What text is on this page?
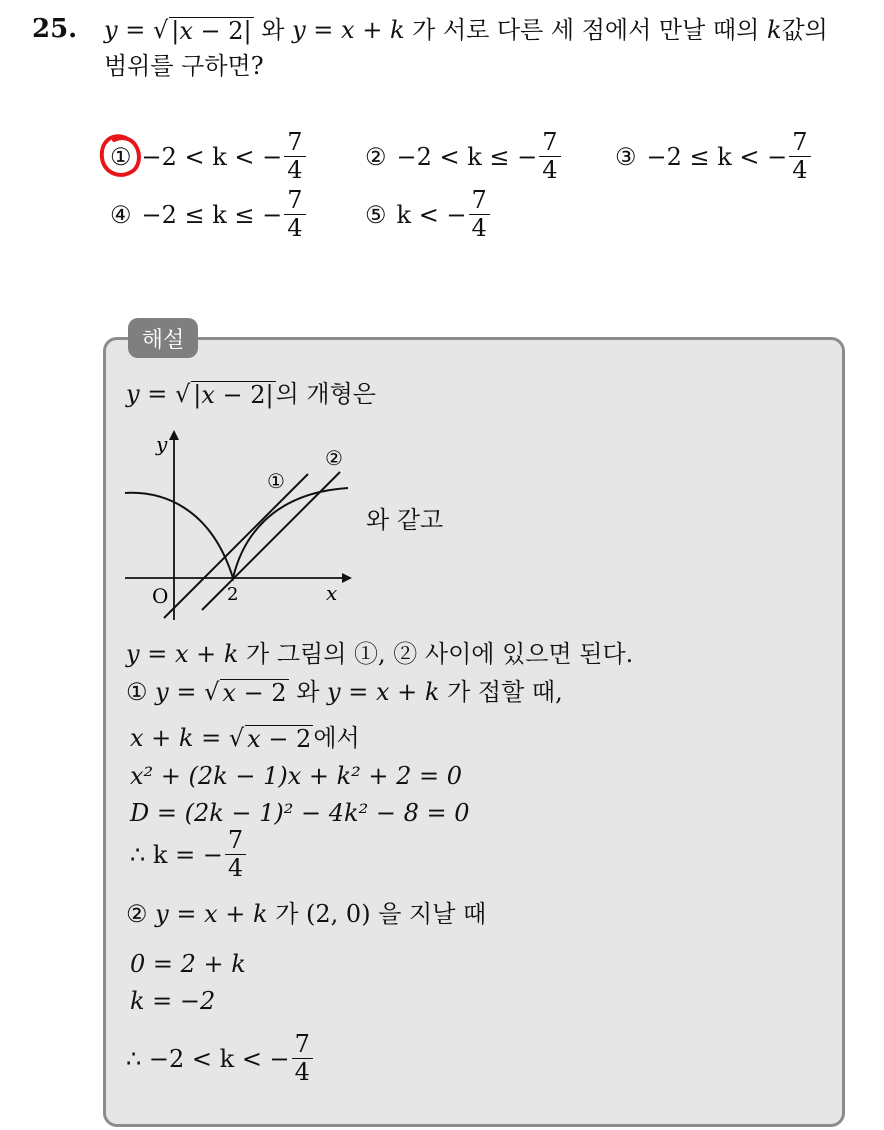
25. y = √ |x − 2| 와 y = x + k 가 서로 다른 세 점에서 만날 때의 k값의
범위를 구하면?
① −2 < k < − $\frac{7}{4}$ ② −2 < k ≤ − $\frac{7}{4}$ ③ −2 ≤ k < − $\frac{7}{4}$
④ −2 ≤ k ≤ − $\frac{7}{4}$ ⑤ k < − $\frac{7}{4}$
해설
y = √ |x − 2| 의 개형은
y
x
O	2
①
②
와 같고
y = x + k 가 그림의 ①, ② 사이에 있으면 된다.
① y = √ x − 2 와 y = x + k 가 접할 때,
x + k = √ x − 2 에서
x² + (2k − 1)x + k² + 2 = 0
D = (2k − 1)² − 4k² − 8 = 0
∴ k = − $\frac{7}{4}$
② y = x + k 가 (2, 0) 을 지날 때
0 = 2 + k
k = −2
∴ −2 < k < − $\frac{7}{4}$
